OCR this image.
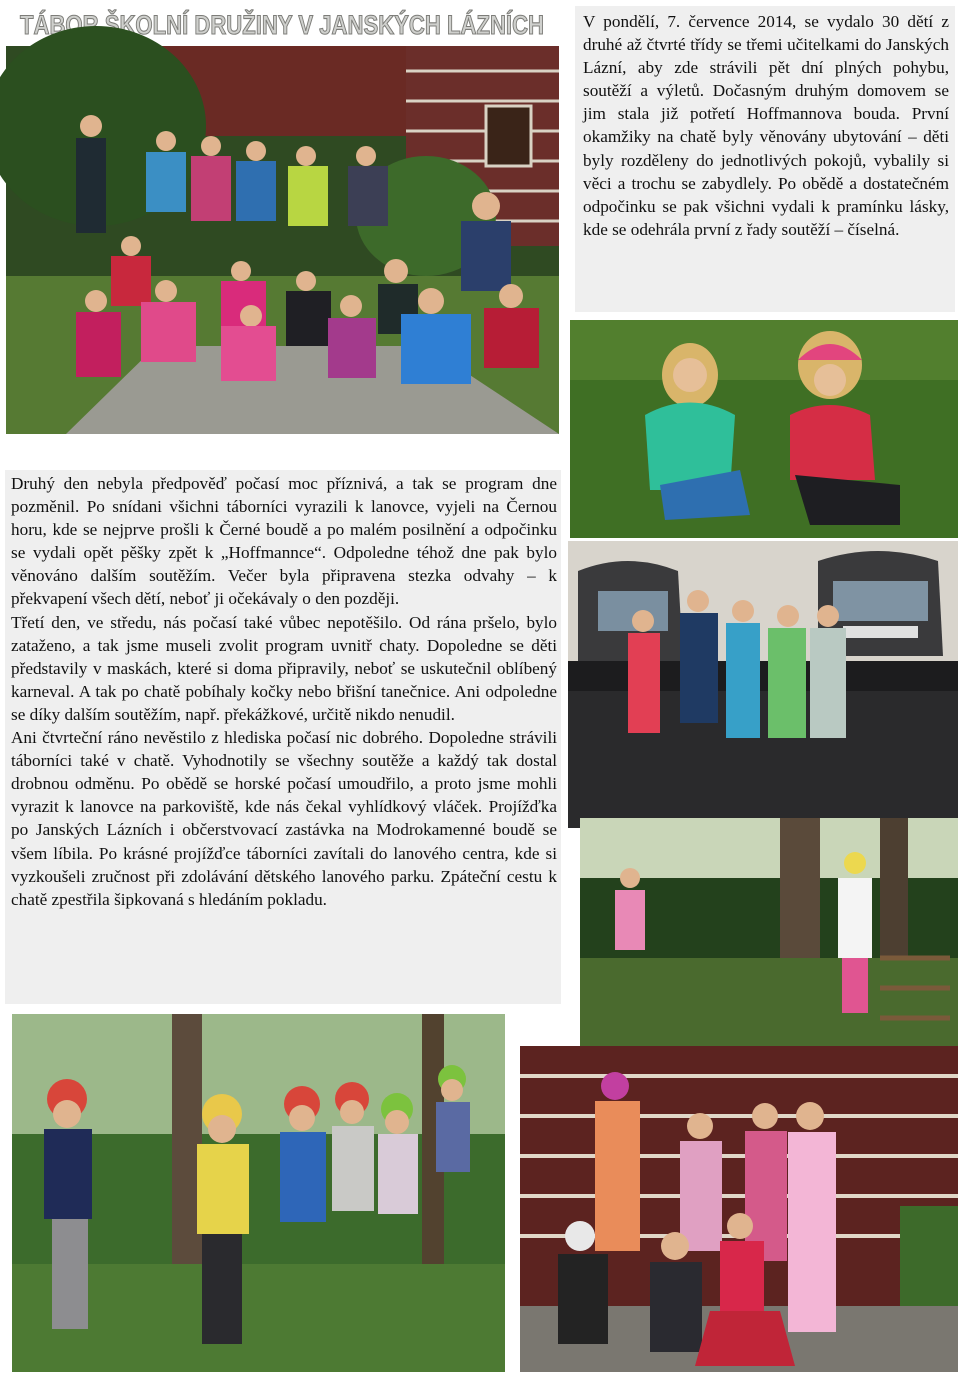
TÁBOR ŠKOLNÍ DRUŽINY V JANSKÝCH LÁZNÍCH

V pondělí, 7. července 2014, se vydalo 30 dětí z druhé až čtvrté třídy se třemi učitelkami do Janských Lázní, aby zde strávili pět dní plných pohybu, soutěží a výletů. Dočasným druhým domovem se jim stala již potřetí Hoffmannova bouda. První okamžiky na chatě byly věnovány ubytování – děti byly rozděleny do jednotlivých pokojů, vybalily si věci a trochu se zabydlely. Po obědě a dostatečném odpočinku se pak všichni vydali k pramínku lásky, kde se odehrála první z řady soutěží – číselná.

Druhý den nebyla předpověď počasí moc příznivá, a tak se program dne pozměnil. Po snídani všichni táborníci vyrazili k lanovce, vyjeli na Černou horu, kde se nejprve prošli k Černé boudě a po malém posilnění a odpočinku se vydali opět pěšky zpět k „Hoffmannce“. Odpoledne téhož dne pak bylo věnováno dalším soutěžím. Večer byla připravena stezka odvahy – k překvapení všech dětí, neboť ji očekávaly o den později.

Třetí den, ve středu, nás počasí také vůbec nepotěšilo. Od rána pršelo, bylo zataženo, a tak jsme museli zvolit program uvnitř chaty. Dopoledne se děti představily v maskách, které si doma připravily, neboť se uskutečnil oblíbený karneval. A tak po chatě pobíhaly kočky nebo břišní tanečnice. Ani odpoledne se díky dalším soutěžím, např. překážkové, určitě nikdo nenudil.

Ani čtvrteční ráno nevěstilo z hlediska počasí nic dobrého. Dopoledne strávili táborníci také v chatě. Vyhodnotily se všechny soutěže a každý tak dostal drobnou odměnu. Po obědě se horské počasí umoudřilo, a proto jsme mohli vyrazit k lanovce na parkoviště, kde nás čekal vyhlídkový vláček. Projížďka po Janských Lázních i občerstvovací zastávka na Modrokamenné boudě se všem líbila. Po krásné projížďce táborníci zavítali do lanového centra, kde si vyzkoušeli zručnost při zdolávání dětského lanového parku. Zpáteční cestu k chatě zpestřila šipkovaná s hledáním pokladu.
